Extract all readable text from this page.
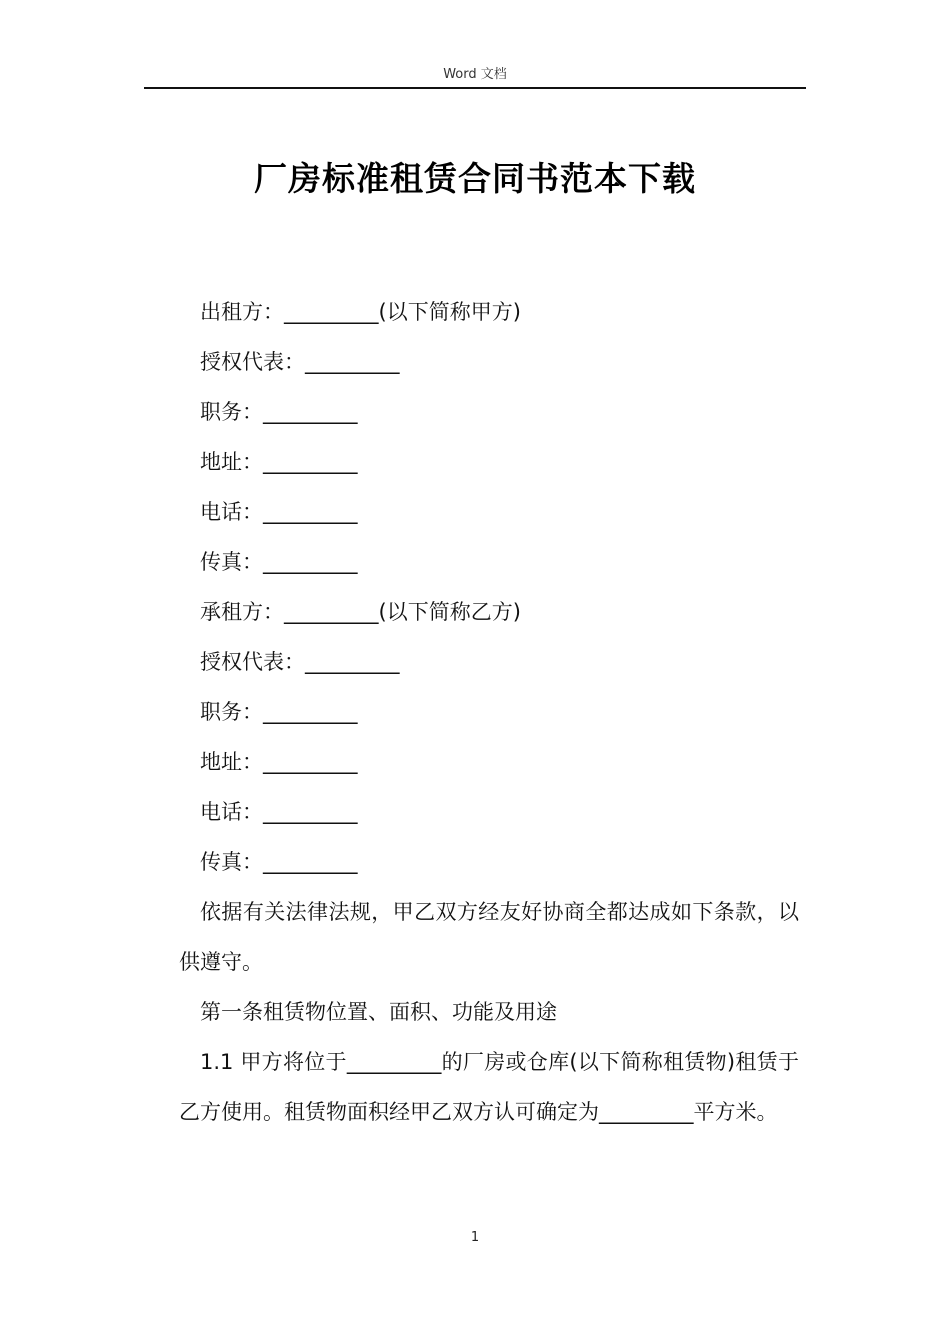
Word 文档
厂房标准租赁合同书范本下载

出租方：_________(以下简称甲方)

授权代表：_________

职务：_________

地址：_________

电话：_________

传真：_________

承租方：_________(以下简称乙方)

授权代表：_________

职务：_________

地址：_________

电话：_________

传真：_________

依据有关法律法规，甲乙双方经友好协商全都达成如下条款，以供遵守。

第一条租赁物位置、面积、功能及用途

1.1 甲方将位于_________的厂房或仓库(以下简称租赁物)租赁于乙方使用。租赁物面积经甲乙双方认可确定为_________平方米。

1
